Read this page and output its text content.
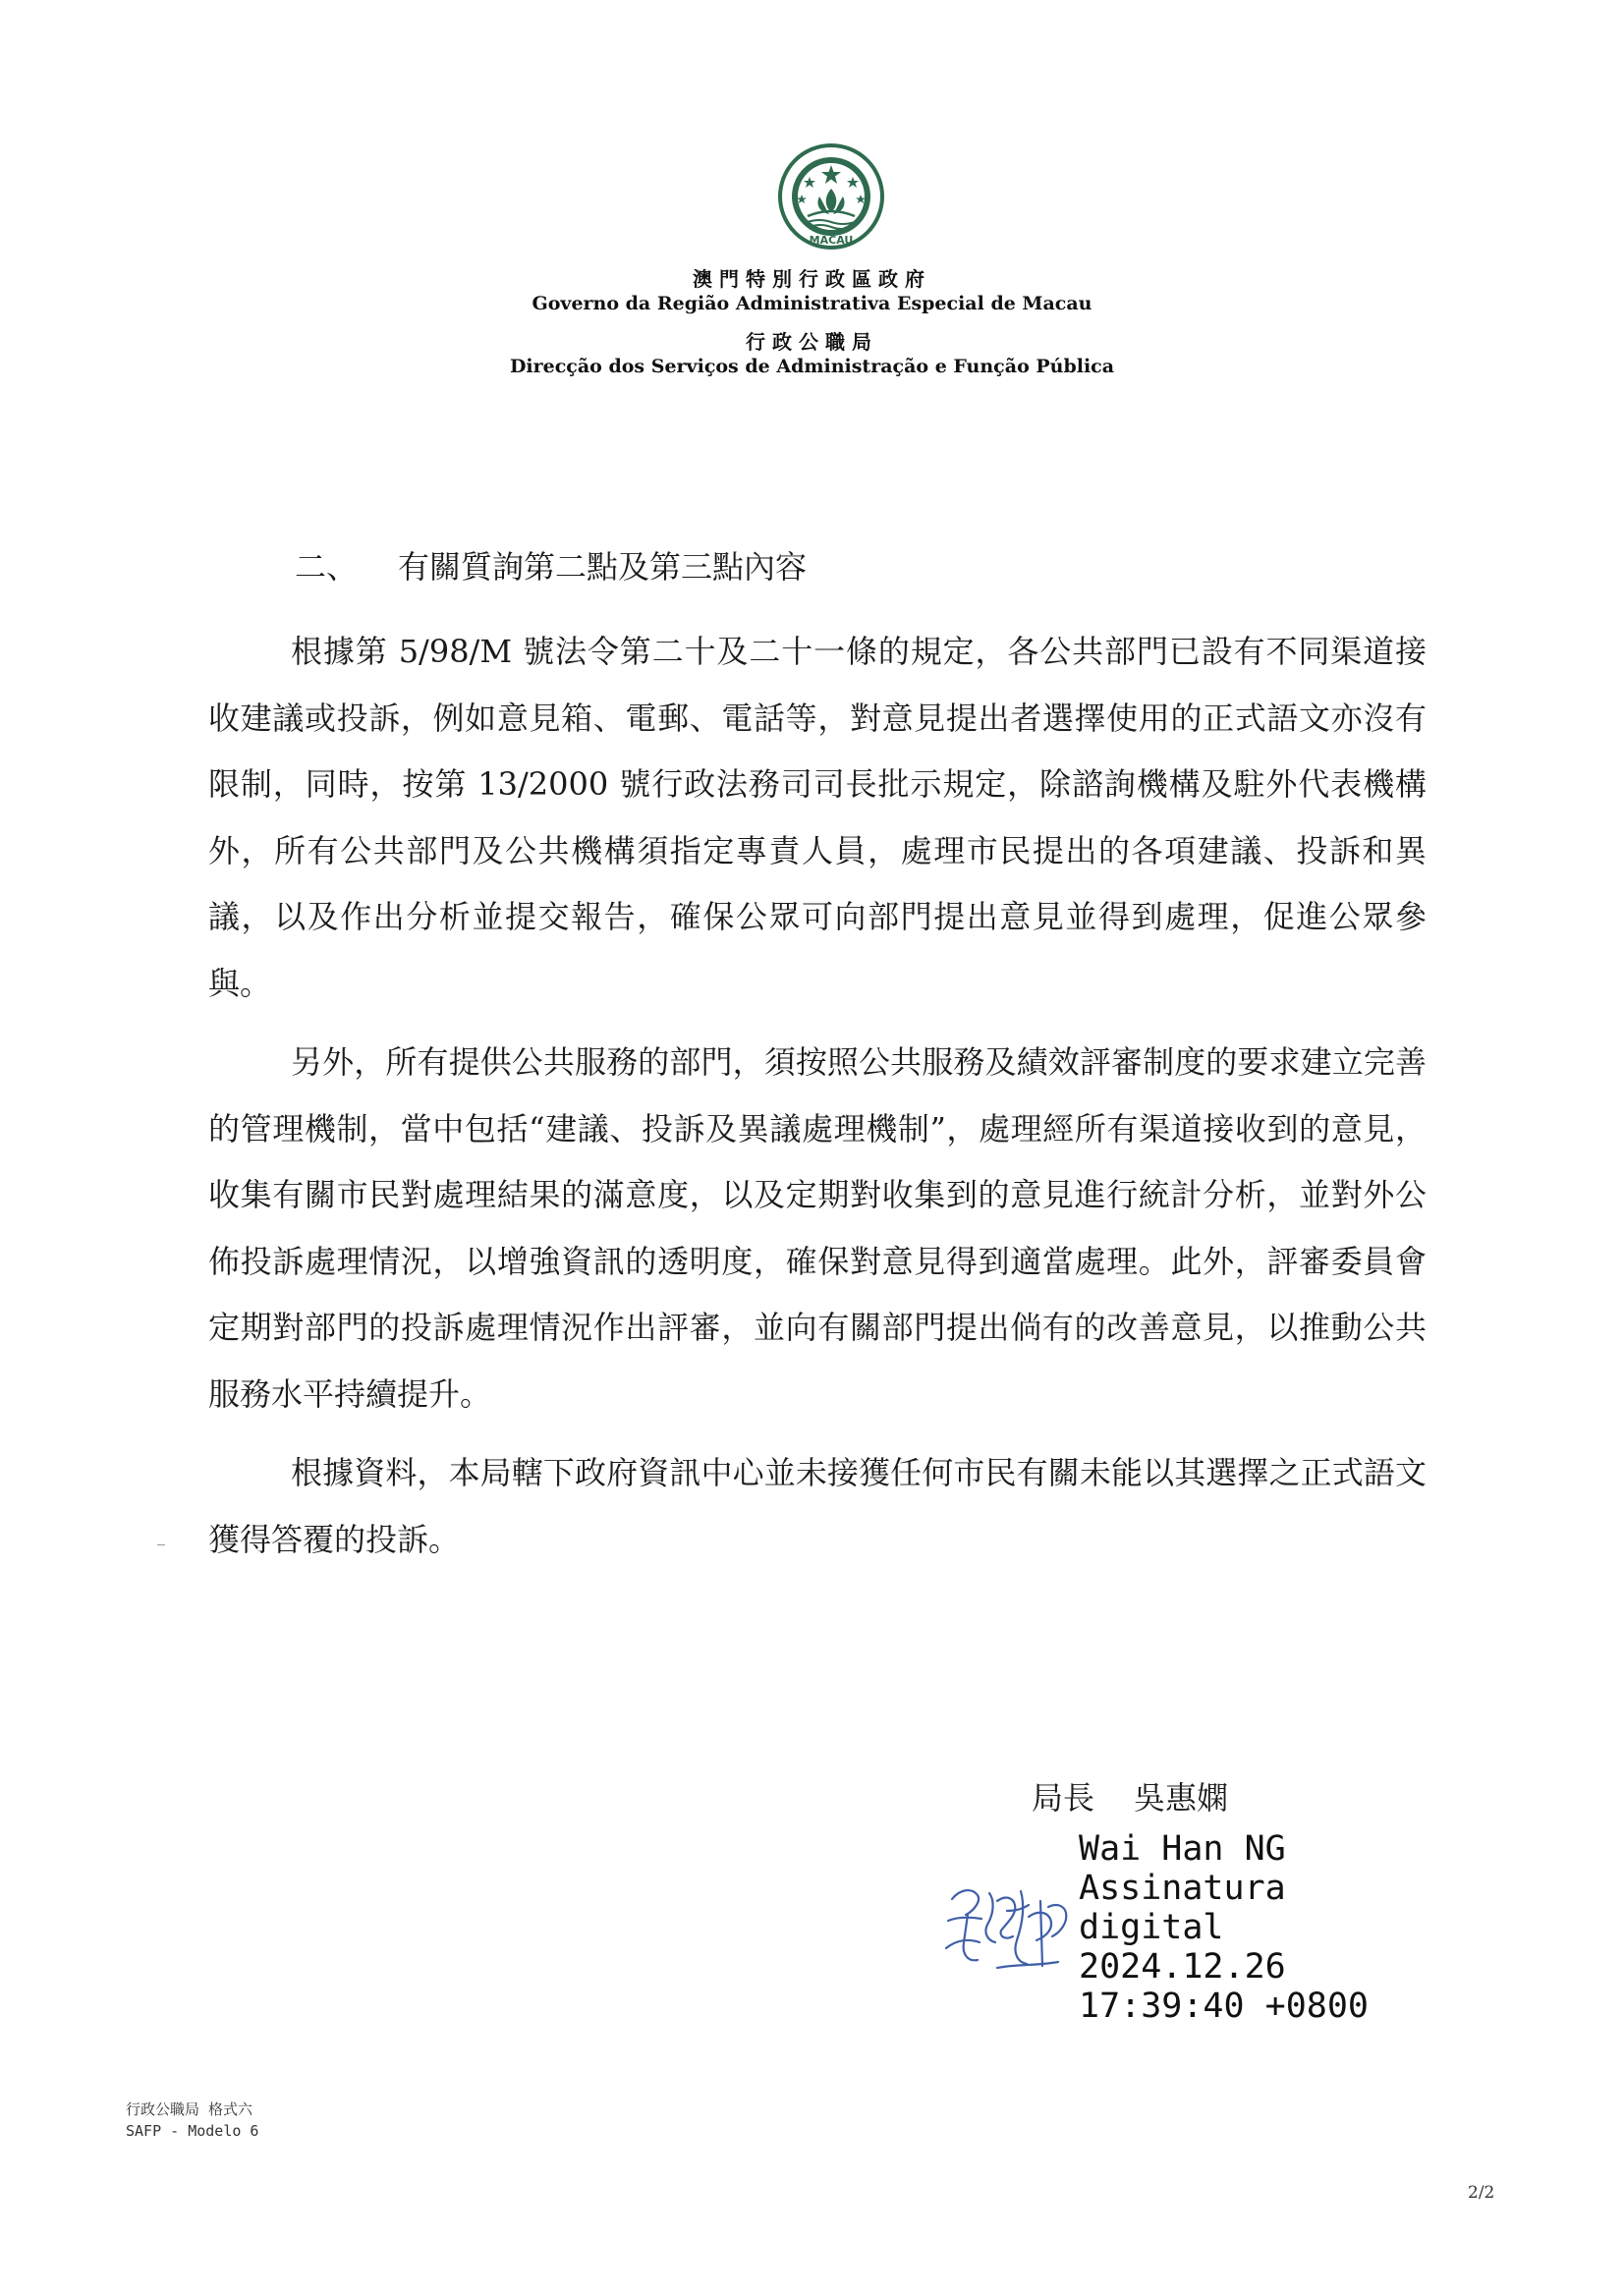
MACAU
澳門特別行政區政府
Governo da Região Administrativa Especial de Macau
行政公職局
Direcção dos Serviços de Administração e Função Pública
二、 有關質詢第二點及第三點內容

根據第 5/98/M 號法令第二十及二十一條的規定，各公共部門已設有不同渠道接收建議或投訴，例如意見箱、電郵、電話等，對意見提出者選擇使用的正式語文亦沒有限制，同時，按第 13/2000 號行政法務司司長批示規定，除諮詢機構及駐外代表機構外，所有公共部門及公共機構須指定專責人員，處理市民提出的各項建議、投訴和異議，以及作出分析並提交報告，確保公眾可向部門提出意見並得到處理，促進公眾參與。

另外，所有提供公共服務的部門，須按照公共服務及績效評審制度的要求建立完善的管理機制，當中包括“建議、投訴及異議處理機制”，處理經所有渠道接收到的意見，收集有關市民對處理結果的滿意度，以及定期對收集到的意見進行統計分析，並對外公佈投訴處理情況，以增強資訊的透明度，確保對意見得到適當處理。此外，評審委員會定期對部門的投訴處理情況作出評審，並向有關部門提出倘有的改善意見，以推動公共服務水平持續提升。

根據資料，本局轄下政府資訊中心並未接獲任何市民有關未能以其選擇之正式語文獲得答覆的投訴。

局長 吳惠嫻
Wai Han NG
Assinatura
digital
2024.12.26
17:39:40 +0800
行政公職局 格式六
SAFP - Modelo 6
2/2
